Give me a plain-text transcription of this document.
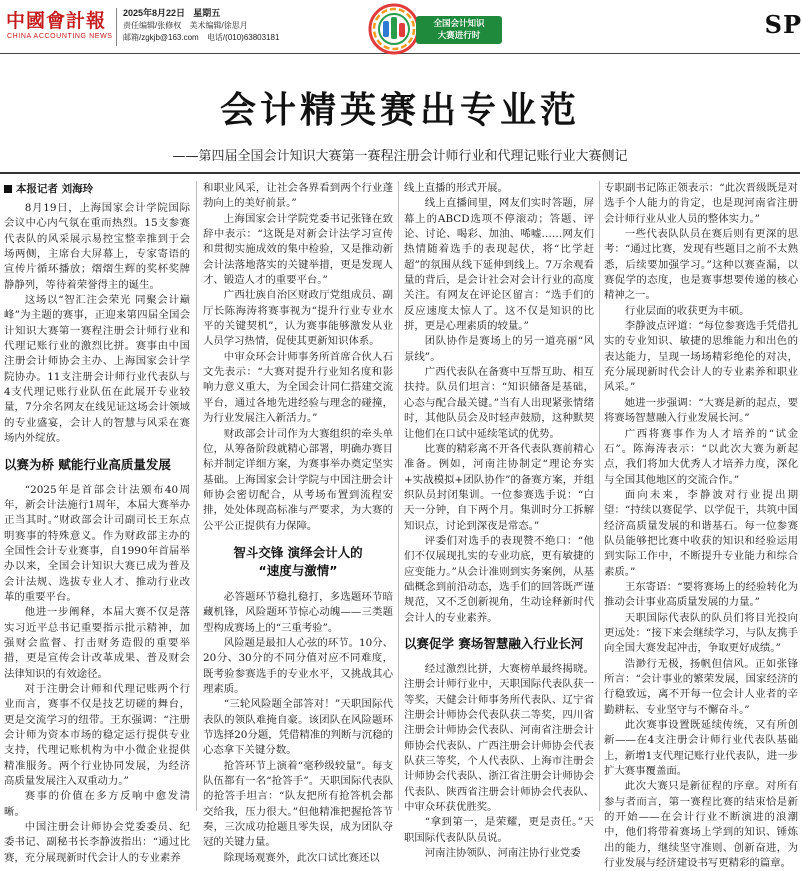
中國會計報
CHINA ACCOUNTING NEWS
2025年8月22日 星期五
责任编辑/张修权 美术编辑/徐思月
邮箱/zgkjb@163.com 电话/(010)63803181
全国会计知识
大赛进行时	SP
会计精英赛出专业范
——第四届全国会计知识大赛第一赛程注册会计师行业和代理记账行业大赛侧记
本报记者 刘海玲

8月19日，上海国家会计学院国际会议中心内气氛在重而热烈。15支参赛代表队的风采展示易控宝整幸推到于会场两侧，主席台大屏幕上，专家寄语的宣传片循环播放；熠熠生辉的奖杯奖牌静静列，等待着荣誉得主的诞生。

这场以“智汇注会荣光 同聚会计巅峰”为主题的赛事，正迎来第四届全国会计知识大赛第一赛程注册会计师行业和代理记账行业的激烈比拼。赛事由中国注册会计师协会主办、上海国家会计学院协办。11支注册会计师行业代表队与4支代理记账行业队伍在此展开专业较量，7分余名网友在线见证这场会计领域的专业盛宴，会计人的智慧与风采在赛场内外绽放。

以赛为桥 赋能行业高质量发展

“2025年是首部会计法颁布40周年，新会计法施行1周年，本届大赛举办正当其时。”财政部会计司副司长王东点明赛事的特殊意义。作为财政部主办的全国性会计专业赛事，自1990年首届举办以来，全国会计知识大赛已成为普及会计法规、选拔专业人才、推动行业改革的重要平台。

他进一步阐释，本届大赛不仅是落实习近平总书记重要指示批示精神，加强财会监督、打击财务造假的重要举措，更是宣传会计改革成果、普及财会法律知识的有效途径。

对于注册会计师和代理记账两个行业而言，赛事不仅是技艺切磋的舞台，更是交流学习的纽带。王东强调：“注册会计师为资本市场的稳定运行提供专业支持，代理记账机构为中小微企业提供精准服务。两个行业协同发展，为经济高质量发展注入双重动力。”

赛事的价值在多方反响中愈发清晰。

中国注册会计师协会党委委员、纪委书记、副秘书长李静波指出：“通过比赛，充分展现新时代会计人的专业素养

和职业风采，让社会各界看到两个行业蓬勃向上的美好前景。”

上海国家会计学院党委书记张锋在致辞中表示：“这既是对新会计法学习宣传和贯彻实施成效的集中检验，又是推动新会计法落地落实的关键举措，更是发现人才、锻造人才的重要平台。”

广西壮族自治区财政厅党组成员、副厅长陈海涛将赛事视为“提升行业专业水平的关键契机”，认为赛事能够激发从业人员学习热情，促使其更新知识体系。

中审众环会计师事务所首席合伙人石文先表示：“大赛对提升行业知名度和影响力意义重大，为全国会计同仁搭建交流平台，通过各地先进经验与理念的碰撞，为行业发展注入新活力。”

财政部会计司作为大赛组织的牵头单位，从筹备阶段就精心部署，明确办赛目标并制定详细方案，为赛事举办奠定坚实基础。上海国家会计学院与中国注册会计师协会密切配合，从考场布置到流程安排，处处体现高标准与严要求，为大赛的公平公正提供有力保障。

智斗交锋 演绎会计人的
“速度与激情”

必答题环节稳扎稳打，多选题环节暗藏机锋，风险题环节惊心动魄——三类题型构成赛场上的“三重考验”。

风险题是最扣人心弦的环节。10分、20分、30分的不同分值对应不同难度，既考验参赛选手的专业水平，又挑战其心理素质。

“三轮风险题全部答对！”天职国际代表队的领队难掩自豪。该团队在风险题环节选择20分题，凭借精准的判断与沉稳的心态拿下关键分数。

抢答环节上演着“毫秒级较量”。每支队伍都有一名“抢答手”。天职国际代表队的抢答手坦言：“队友把所有抢答机会都交给我，压力很大。”但他精准把握抢答节奏，三次成功抢题且零失误，成为团队夺冠的关键力量。

除现场观赛外，此次口试比赛还以

线上直播的形式开展。

线上直播间里，网友们实时答题，屏幕上的ABCD选项不停滚动；答题、评论、讨论、喝彩、加油、唏嘘……网友们热情随着选手的表现起伏，将“比学赶超”的氛围从线下延伸到线上。7万余观看量的背后，是会计社会对会计行业的高度关注。有网友在评论区留言：“选手们的反应速度太惊人了。这不仅是知识的比拼，更是心理素质的较量。”

团队协作是赛场上的另一道亮丽“风景线”。

广西代表队在备赛中互帮互助、相互扶持。队员们坦言：“知识储备是基础，心态与配合最关键。”当有人出现紧张情绪时，其他队员会及时轻声鼓励，这种默契让他们在口试中延续笔试的优势。

比赛的精彩离不开各代表队赛前精心准备。例如，河南注协制定“理论夯实+实战模拟+团队协作”的备赛方案，并组织队员封闭集训。一位参赛选手说：“白天一分钟，自下两个月。集训时分工拆解知识点，讨论到深夜是常态。”

评委们对选手的表现赞不绝口：“他们不仅展现扎实的专业功底，更有敏捷的应变能力。”从会计准则到实务案例，从基础概念到前沿动态，选手们的回答既严谨规范，又不乏创新视角，生动诠释新时代会计人的专业素养。

以赛促学 赛场智慧融入行业长河

经过激烈比拼，大赛榜单最终揭晓。注册会计师行业中，天职国际代表队获一等奖，天健会计师事务所代表队、辽宁省注册会计师协会代表队获二等奖，四川省注册会计师协会代表队、河南省注册会计师协会代表队、广西注册会计师协会代表队获三等奖，个人代表队、上海市注册会计师协会代表队、浙江省注册会计师协会代表队、陕西省注册会计师协会代表队、中审众环获优胜奖。

“拿到第一，是荣耀，更是责任。”天职国际代表队队员说。

河南注协领队、河南注协行业党委

专职副书记陈正领表示：“此次晋级既是对选手个人能力的肯定，也是现河南省注册会计师行业从业人员的整体实力。”

一些代表队队员在赛后则有更深的思考：“通过比赛，发现有些题目之前不太熟悉，后续要加强学习。”这种以赛查漏，以赛促学的态度，也是赛事想要传递的核心精神之一。

行业层面的收获更为丰硕。

李静波点评道：“每位参赛选手凭借扎实的专业知识、敏捷的思维能力和出色的表达能力，呈现一场场精彩绝伦的对决，充分展现新时代会计人的专业素养和职业风采。”

她进一步强调：“大赛是新的起点，要将赛场智慧融入行业发展长河。”

广西将赛事作为人才培养的“试金石”。陈海涛表示：“以此次大赛为新起点，我们将加大优秀人才培养力度，深化与全国其他地区的交流合作。”

面向未来，李静波对行业提出期望：“持续以赛促学、以学促干，共筑中国经济高质量发展的和谐基石。每一位参赛队员能够把比赛中收获的知识和经验运用到实际工作中，不断提升专业能力和综合素质。”

王东寄语：“要将赛场上的经验转化为推动会计事业高质量发展的力量。”

天职国际代表队的队员们将目光投向更远处：“接下来会继续学习，与队友携手向全国大赛发起冲击，争取更好成绩。”

浩渺行无极，扬帆但信风。正如张锋所言：“会计事业的繁荣发展，国家经济的行稳致远，离不开每一位会计人业者的辛勤耕耘、专业坚守与不懈奋斗。”

此次赛事设置既延续传统，又有所创新——在4支注册会计师行业代表队基础上，新增1支代理记账行业代表队，进一步扩大赛事覆盖面。

此次大赛只是新征程的序章。对所有参与者而言，第一赛程比赛的结束恰是新的开始——在会计行业不断演进的浪潮中，他们将带着赛场上学到的知识、锤炼出的能力，继续坚守准则、创新奋进，为行业发展与经济建设书写更精彩的篇章。
